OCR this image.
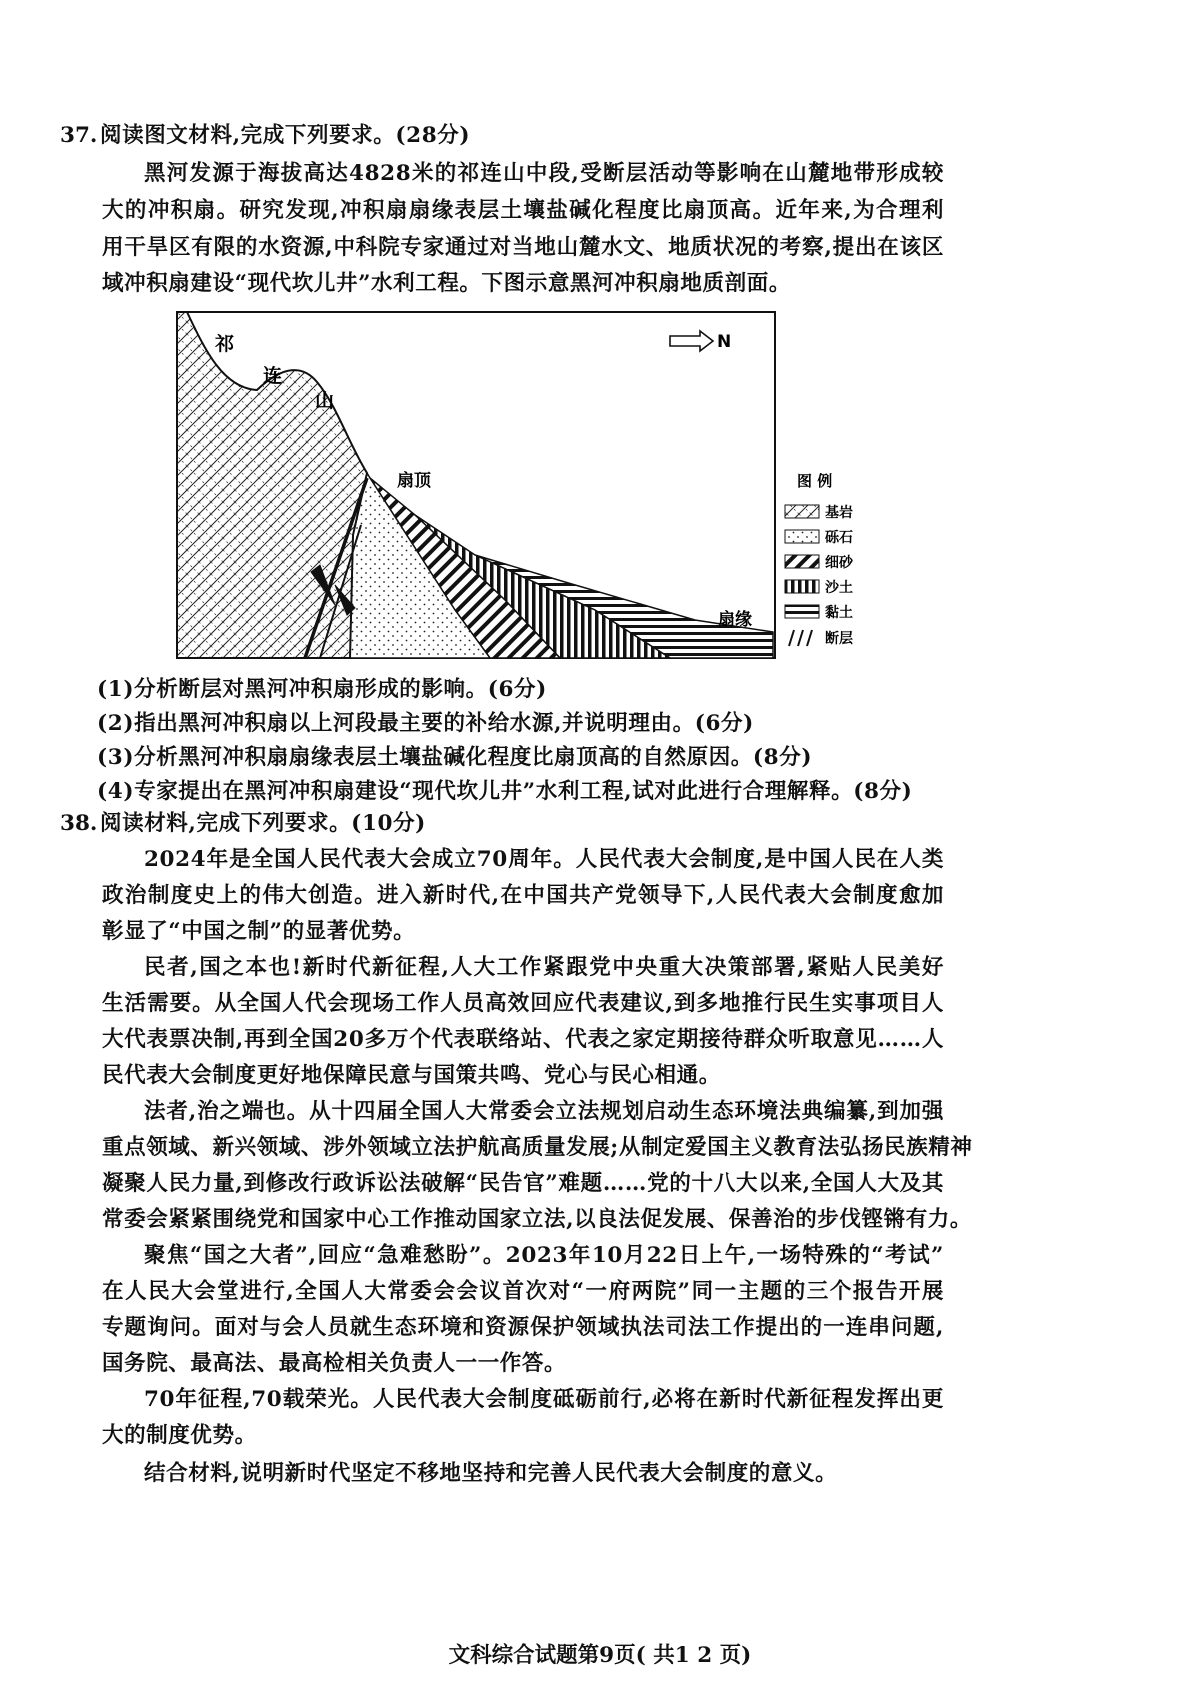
37. 阅读图文材料,完成下列要求。(28分)
黑河发源于海拔高达4828米的祁连山中段,受断层活动等影响在山麓地带形成较
大的冲积扇。研究发现,冲积扇扇缘表层土壤盐碱化程度比扇顶高。近年来,为合理利
用干旱区有限的水资源,中科院专家通过对当地山麓水文、地质状况的考察,提出在该区
域冲积扇建设“现代坎儿井”水利工程。下图示意黑河冲积扇地质剖面。
祁
连
山
N
扇顶
扇缘
图 例
基岩
砾石
细砂
沙土
黏土
断层
(1)分析断层对黑河冲积扇形成的影响。(6分)
(2)指出黑河冲积扇以上河段最主要的补给水源,并说明理由。(6分)
(3)分析黑河冲积扇扇缘表层土壤盐碱化程度比扇顶高的自然原因。(8分)
(4)专家提出在黑河冲积扇建设“现代坎儿井”水利工程,试对此进行合理解释。(8分)
38. 阅读材料,完成下列要求。(10分)
2024年是全国人民代表大会成立70周年。人民代表大会制度,是中国人民在人类
政治制度史上的伟大创造。进入新时代,在中国共产党领导下,人民代表大会制度愈加
彰显了“中国之制”的显著优势。
民者,国之本也!新时代新征程,人大工作紧跟党中央重大决策部署,紧贴人民美好
生活需要。从全国人代会现场工作人员高效回应代表建议,到多地推行民生实事项目人
大代表票决制,再到全国20多万个代表联络站、代表之家定期接待群众听取意见……人
民代表大会制度更好地保障民意与国策共鸣、党心与民心相通。
法者,治之端也。从十四届全国人大常委会立法规划启动生态环境法典编纂,到加强
重点领域、新兴领域、涉外领域立法护航高质量发展;从制定爱国主义教育法弘扬民族精神
凝聚人民力量,到修改行政诉讼法破解“民告官”难题……党的十八大以来,全国人大及其
常委会紧紧围绕党和国家中心工作推动国家立法,以良法促发展、保善治的步伐铿锵有力。
聚焦“国之大者”,回应“急难愁盼”。2023年10月22日上午,一场特殊的“考试”
在人民大会堂进行,全国人大常委会会议首次对“一府两院”同一主题的三个报告开展
专题询问。面对与会人员就生态环境和资源保护领域执法司法工作提出的一连串问题,
国务院、最高法、最高检相关负责人一一作答。
70年征程,70载荣光。人民代表大会制度砥砺前行,必将在新时代新征程发挥出更
大的制度优势。
结合材料,说明新时代坚定不移地坚持和完善人民代表大会制度的意义。
文科综合试题第9页( 共1 2 页)
